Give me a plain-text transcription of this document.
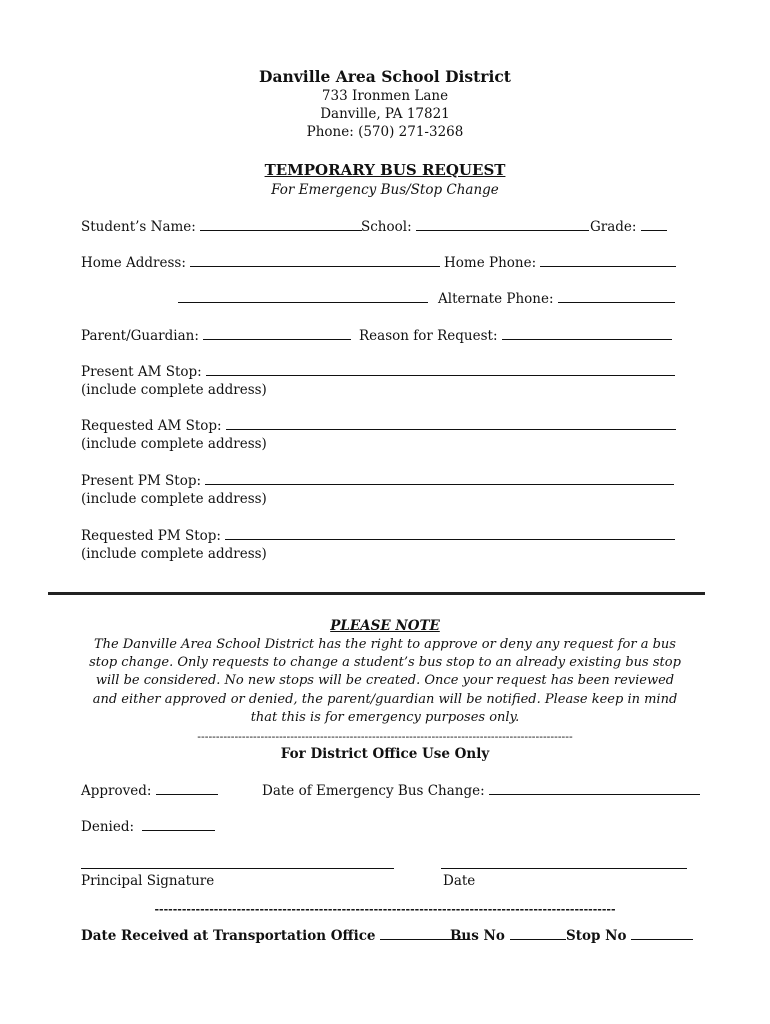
Danville Area School District
733 Ironmen Lane
Danville, PA 17821
Phone: (570) 271-3268
TEMPORARY BUS REQUEST
For Emergency Bus/Stop Change
Student’s Name:	School:	Grade:
Home Address:	Home Phone:
Alternate Phone:
Parent/Guardian:	Reason for Request:
Present AM Stop:
(include complete address)
Requested AM Stop:
(include complete address)
Present PM Stop:
(include complete address)
Requested PM Stop:
(include complete address)
PLEASE NOTE
The Danville Area School District has the right to approve or deny any request for a bus stop change. Only requests to change a student’s bus stop to an already existing bus stop will be considered. No new stops will be created. Once your request has been reviewed and either approved or denied, the parent/guardian will be notified. Please keep in mind that this is for emergency purposes only.
-----------------------------------------------------------------------------------------------------
For District Office Use Only
Approved:	Date of Emergency Bus Change:
Denied:
Principal Signature	Date
-----------------------------------------------------------------------------------------------------
Date Received at Transportation Office	Bus No	Stop No
